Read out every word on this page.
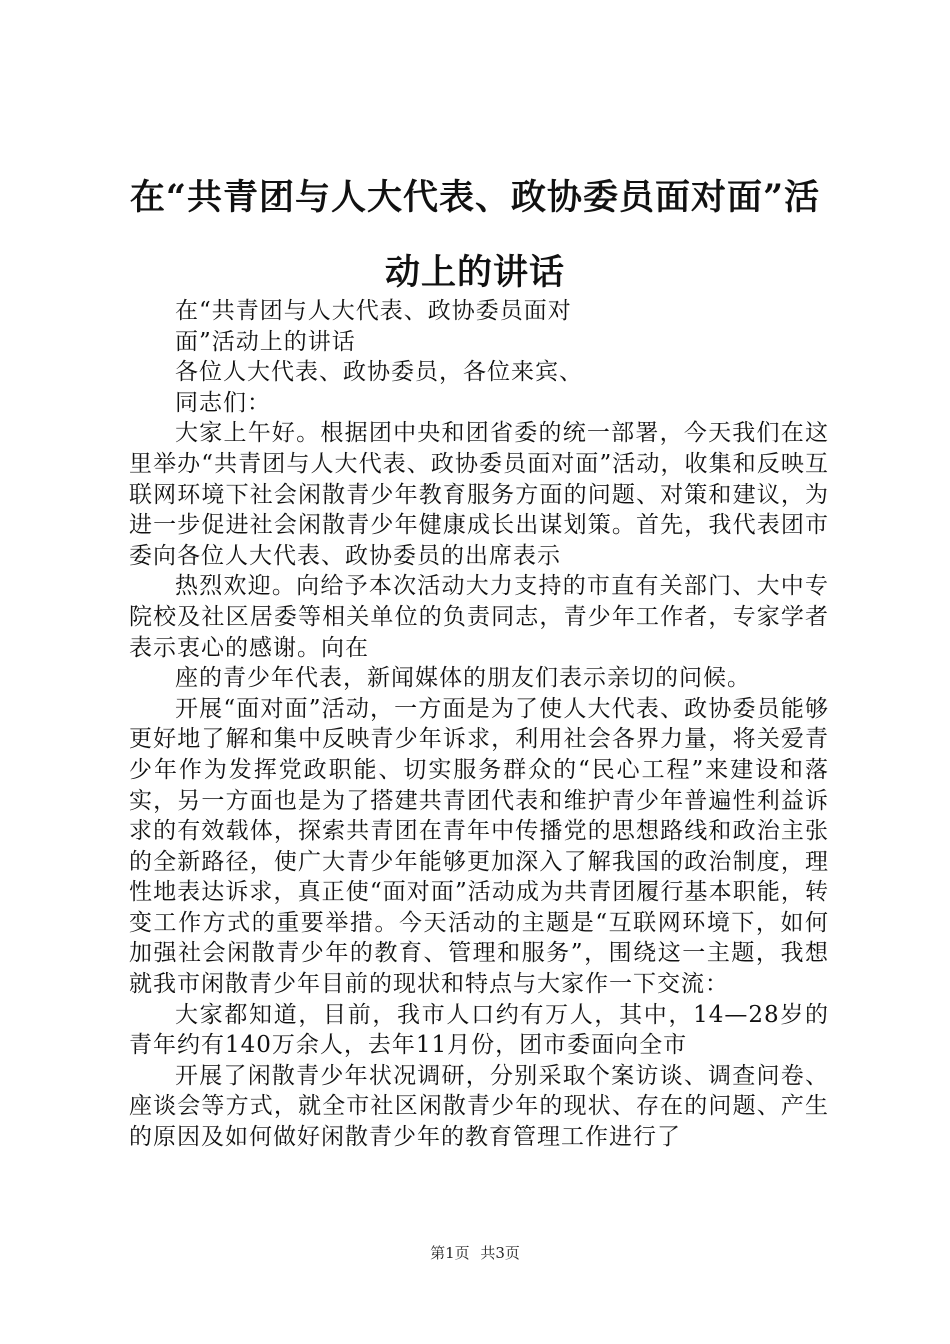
在“共青团与人大代表、政协委员面对面”活动上的讲话

在“共青团与人大代表、政协委员面对

面”活动上的讲话

各位人大代表、政协委员，各位来宾、

同志们：

大家上午好。根据团中央和团省委的统一部署，今天我们在这里举办“共青团与人大代表、政协委员面对面”活动，收集和反映互联网环境下社会闲散青少年教育服务方面的问题、对策和建议，为进一步促进社会闲散青少年健康成长出谋划策。首先，我代表团市委向各位人大代表、政协委员的出席表示

热烈欢迎。向给予本次活动大力支持的市直有关部门、大中专院校及社区居委等相关单位的负责同志，青少年工作者，专家学者表示衷心的感谢。向在

座的青少年代表，新闻媒体的朋友们表示亲切的问候。

开展“面对面”活动，一方面是为了使人大代表、政协委员能够更好地了解和集中反映青少年诉求，利用社会各界力量，将关爱青少年作为发挥党政职能、切实服务群众的“民心工程”来建设和落实，另一方面也是为了搭建共青团代表和维护青少年普遍性利益诉求的有效载体，探索共青团在青年中传播党的思想路线和政治主张的全新路径，使广大青少年能够更加深入了解我国的政治制度，理性地表达诉求，真正使“面对面”活动成为共青团履行基本职能，转变工作方式的重要举措。今天活动的主题是“互联网环境下，如何加强社会闲散青少年的教育、管理和服务”，围绕这一主题，我想就我市闲散青少年目前的现状和特点与大家作一下交流：

大家都知道，目前，我市人口约有万人，其中，14—28岁的青年约有140万余人，去年11月份，团市委面向全市

开展了闲散青少年状况调研，分别采取个案访谈、调查问卷、座谈会等方式，就全市社区闲散青少年的现状、存在的问题、产生的原因及如何做好闲散青少年的教育管理工作进行了

第1页 共3页
